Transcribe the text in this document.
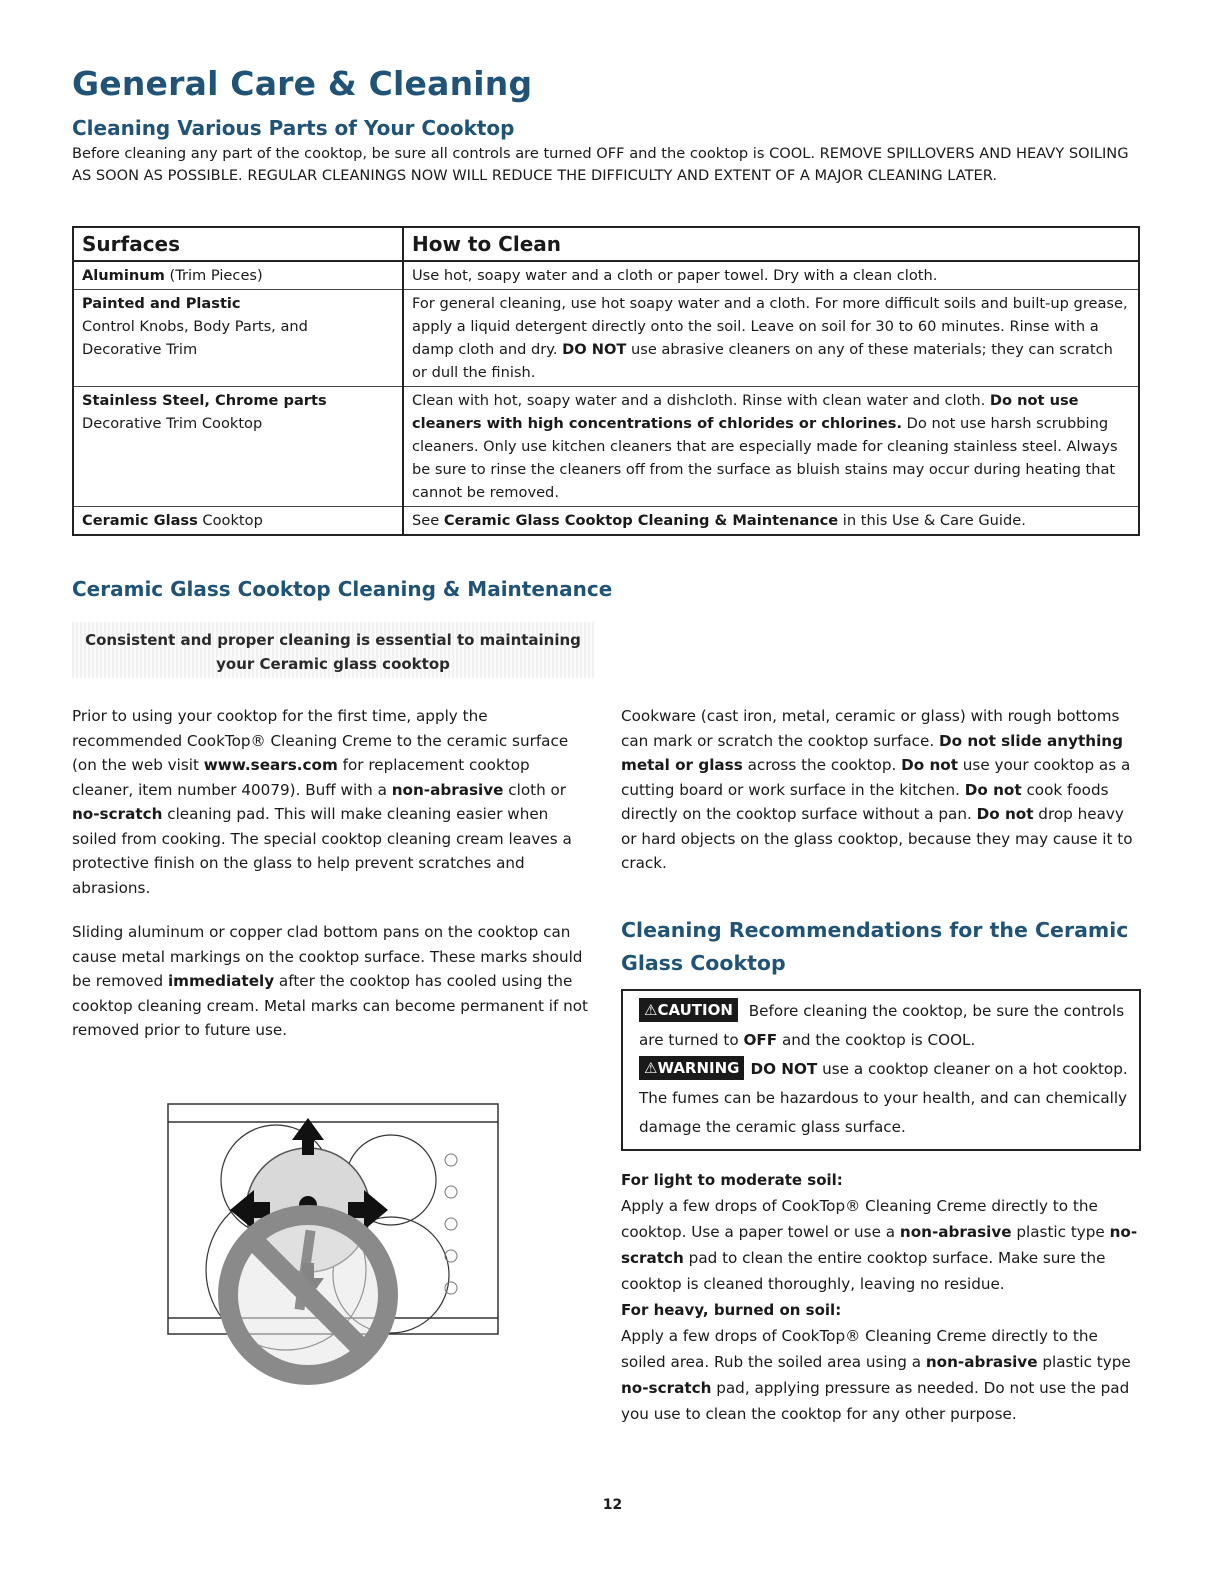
General Care & Cleaning
Cleaning Various Parts of Your Cooktop

Before cleaning any part of the cooktop, be sure all controls are turned OFF and the cooktop is COOL. REMOVE SPILLOVERS AND HEAVY SOILING AS SOON AS POSSIBLE. REGULAR CLEANINGS NOW WILL REDUCE THE DIFFICULTY AND EXTENT OF A MAJOR CLEANING LATER.

Surfaces	How to Clean
Aluminum (Trim Pieces)	Use hot, soapy water and a cloth or paper towel. Dry with a clean cloth.

Painted and Plastic
Control Knobs, Body Parts, and Decorative Trim	For general cleaning, use hot soapy water and a cloth. For more difficult soils and built-up grease, apply a liquid detergent directly onto the soil. Leave on soil for 30 to 60 minutes. Rinse with a damp cloth and dry. DO NOT use abrasive cleaners on any of these materials; they can scratch or dull the finish.

Stainless Steel, Chrome parts
Decorative Trim Cooktop	Clean with hot, soapy water and a dishcloth. Rinse with clean water and cloth. Do not use cleaners with high concentrations of chlorides or chlorines. Do not use harsh scrubbing cleaners. Only use kitchen cleaners that are especially made for cleaning stainless steel. Always be sure to rinse the cleaners off from the surface as bluish stains may occur during heating that cannot be removed.
Ceramic Glass Cooktop	See Ceramic Glass Cooktop Cleaning & Maintenance in this Use & Care Guide.
Ceramic Glass Cooktop Cleaning & Maintenance
Consistent and proper cleaning is essential to maintaining
your Ceramic glass cooktop

Prior to using your cooktop for the first time, apply the recommended CookTop® Cleaning Creme to the ceramic surface (on the web visit www.sears.com for replacement cooktop cleaner, item number 40079). Buff with a non-abrasive cloth or no-scratch cleaning pad. This will make cleaning easier when soiled from cooking. The special cooktop cleaning cream leaves a protective finish on the glass to help prevent scratches and abrasions.

Sliding aluminum or copper clad bottom pans on the cooktop can cause metal markings on the cooktop surface. These marks should be removed immediately after the cooktop has cooled using the cooktop cleaning cream. Metal marks can become permanent if not removed prior to future use.

Cookware (cast iron, metal, ceramic or glass) with rough bottoms can mark or scratch the cooktop surface. Do not slide anything metal or glass across the cooktop. Do not use your cooktop as a cutting board or work surface in the kitchen. Do not cook foods directly on the cooktop surface without a pan. Do not drop heavy or hard objects on the glass cooktop, because they may cause it to crack.

Cleaning Recommendations for the Ceramic Glass Cooktop
⚠CAUTION Before cleaning the cooktop, be sure the controls are turned to OFF and the cooktop is COOL.
⚠WARNING DO NOT use a cooktop cleaner on a hot cooktop. The fumes can be hazardous to your health, and can chemically damage the ceramic glass surface.
For light to moderate soil:
Apply a few drops of CookTop® Cleaning Creme directly to the cooktop. Use a paper towel or use a non-abrasive plastic type no-scratch pad to clean the entire cooktop surface. Make sure the cooktop is cleaned thoroughly, leaving no residue.
For heavy, burned on soil:
Apply a few drops of CookTop® Cleaning Creme directly to the soiled area. Rub the soiled area using a non-abrasive plastic type no-scratch pad, applying pressure as needed. Do not use the pad you use to clean the cooktop for any other purpose.
12
